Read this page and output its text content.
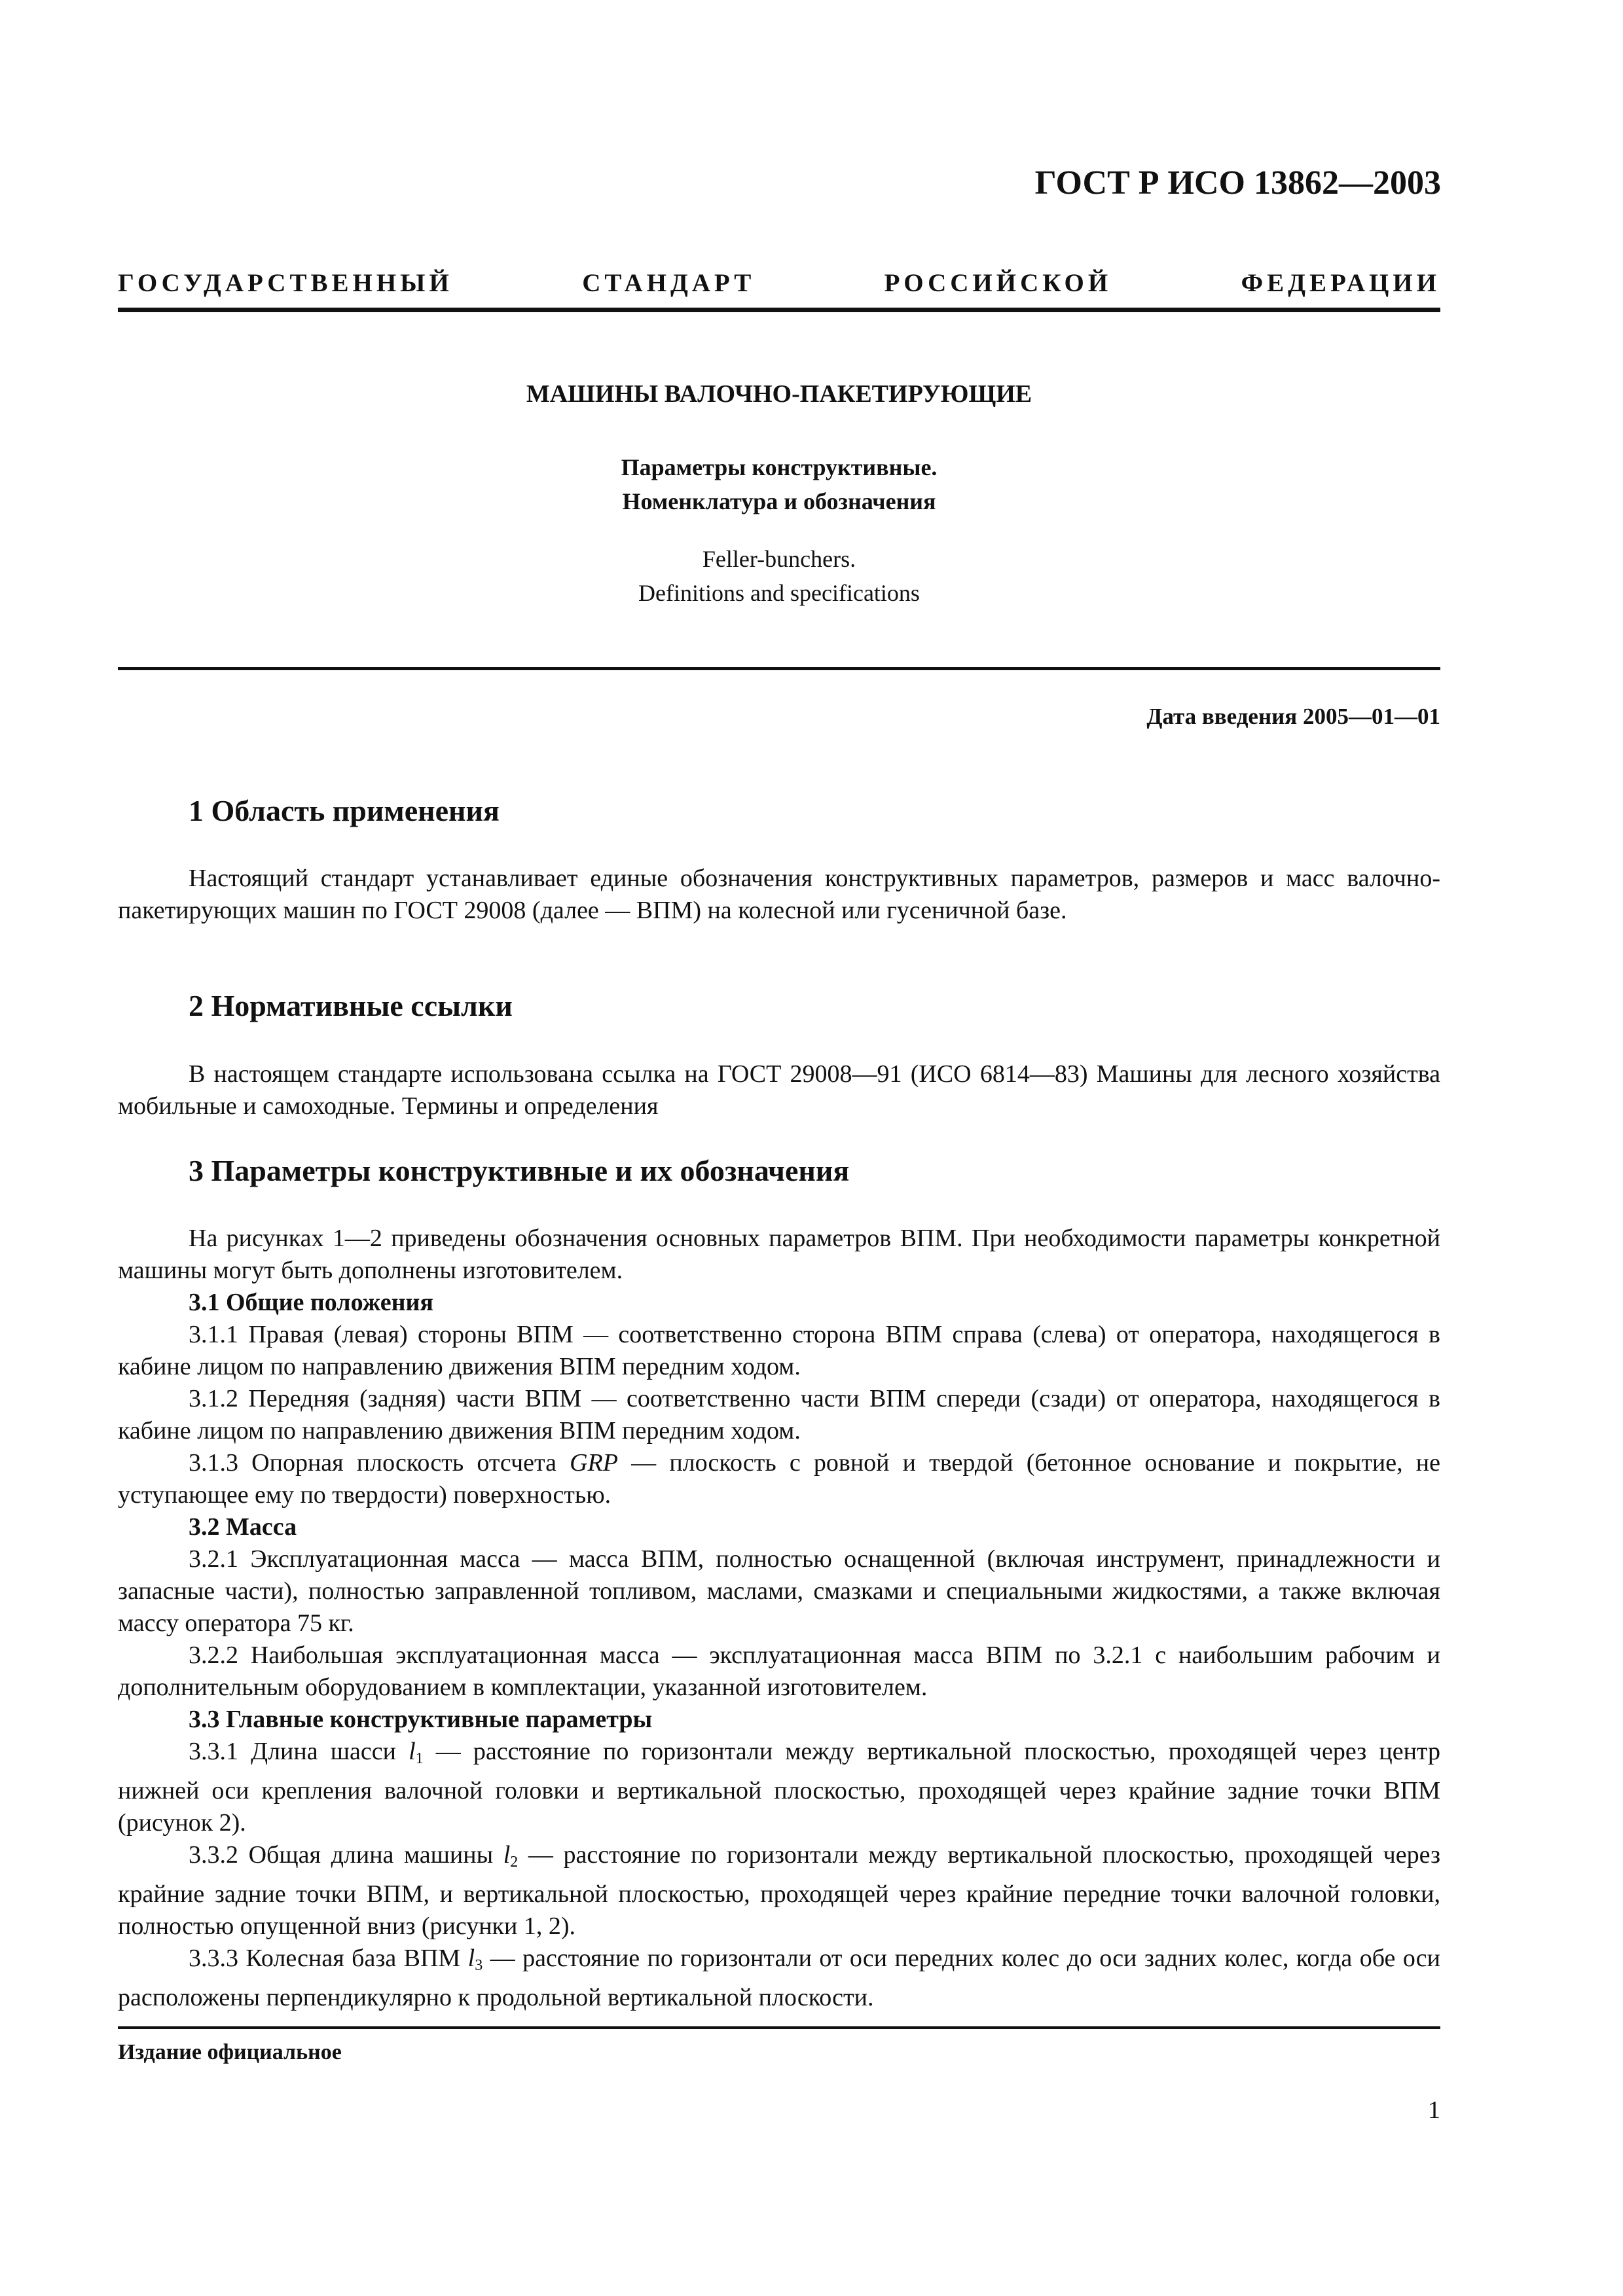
ГОСТ Р ИСО 13862—2003
ГОСУДАРСТВЕННЫЙ СТАНДАРТ РОССИЙСКОЙ ФЕДЕРАЦИИ
МАШИНЫ ВАЛОЧНО-ПАКЕТИРУЮЩИЕ
Параметры конструктивные.
Номенклатура и обозначения
Feller-bunchers.
Definitions and specifications
Дата введения 2005—01—01
1 Область применения
Настоящий стандарт устанавливает единые обозначения конструктивных параметров, размеров и масс валочно-пакетирующих машин по ГОСТ 29008 (далее — ВПМ) на колесной или гусеничной базе.
2 Нормативные ссылки
В настоящем стандарте использована ссылка на ГОСТ 29008—91 (ИСО 6814—83) Машины для лесного хозяйства мобильные и самоходные. Термины и определения
3 Параметры конструктивные и их обозначения

На рисунках 1—2 приведены обозначения основных параметров ВПМ. При необходимости параметры конкретной машины могут быть дополнены изготовителем.

3.1 Общие положения

3.1.1 Правая (левая) стороны ВПМ — соответственно сторона ВПМ справа (слева) от оператора, находящегося в кабине лицом по направлению движения ВПМ передним ходом.

3.1.2 Передняя (задняя) части ВПМ — соответственно части ВПМ спереди (сзади) от оператора, находящегося в кабине лицом по направлению движения ВПМ передним ходом.

3.1.3 Опорная плоскость отсчета GRP — плоскость с ровной и твердой (бетонное основание и покрытие, не уступающее ему по твердости) поверхностью.

3.2 Масса

3.2.1 Эксплуатационная масса — масса ВПМ, полностью оснащенной (включая инструмент, принадлежности и запасные части), полностью заправленной топливом, маслами, смазками и специальными жидкостями, а также включая массу оператора 75 кг.

3.2.2 Наибольшая эксплуатационная масса — эксплуатационная масса ВПМ по 3.2.1 с наибольшим рабочим и дополнительным оборудованием в комплектации, указанной изготовителем.

3.3 Главные конструктивные параметры

3.3.1 Длина шасси $l_1$ — расстояние по горизонтали между вертикальной плоскостью, проходящей через центр нижней оси крепления валочной головки и вертикальной плоскостью, проходящей через крайние задние точки ВПМ (рисунок 2).

3.3.2 Общая длина машины $l_2$ — расстояние по горизонтали между вертикальной плоскостью, проходящей через крайние задние точки ВПМ, и вертикальной плоскостью, проходящей через крайние передние точки валочной головки, полностью опущенной вниз (рисунки 1, 2).

3.3.3 Колесная база ВПМ $l_3$ — расстояние по горизонтали от оси передних колес до оси задних колес, когда обе оси расположены перпендикулярно к продольной вертикальной плоскости.

Издание официальное
1
